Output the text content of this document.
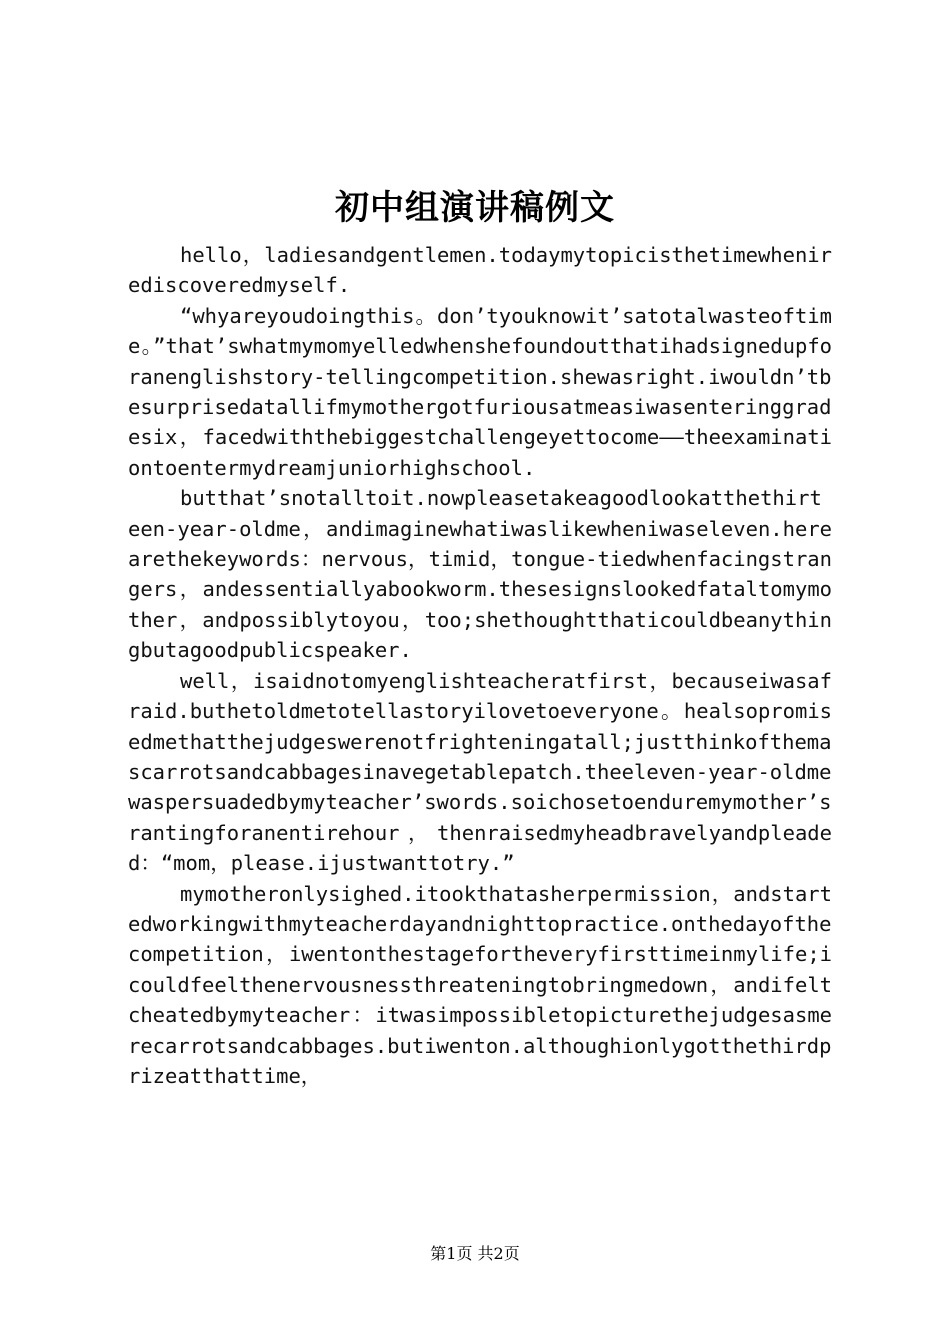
初中组演讲稿例文

hello，ladiesandgentlemen.todaymytopicisthetimewhenirediscoveredmyself.

“whyareyoudoingthis。don’tyouknowit’satotalwasteoftime。”that’swhatmymomyelledwhenshefoundoutthatihadsignedupforanenglishstory-tellingcompetition.shewasright.iwouldn’tbesurprisedatallifmymothergotfuriousatmeasiwasenteringgradesix，facedwiththebiggestchallengeyettocome——theexaminationtoentermydreamjuniorhighschool.

butthat’snotalltoit.nowpleasetakeagoodlookatthethirteen-year-oldme，andimaginewhatiwaslikewheniwaseleven.herearethekeywords：nervous，timid，tongue-tiedwhenfacingstrangers，andessentiallyabookworm.thesesignslookedfataltomymother，andpossiblytoyou，too;shethoughtthaticouldbeanythingbutagoodpublicspeaker.

well，isaidnotomyenglishteacheratfirst，becauseiwasafraid.buthetoldmetotellastoryilovetoeveryone。healsopromisedmethatthejudgeswerenotfrighteningatall;justthinkofthemascarrotsandcabbagesinavegetablepatch.theeleven-year-oldmewaspersuadedbymyteacher’swords.soichosetoenduremymother’srantingforanentirehour，thenraisedmyheadbravelyandpleaded：“mom，please.ijustwanttotry.”

mymotheronlysighed.itookthatasherpermission，andstartedworkingwithmyteacherdayandnighttopractice.onthedayofthecompetition，iwentonthestagefortheveryfirsttimeinmylife;icouldfeelthenervousnessthreateningtobringmedown，andifeltcheatedbymyteacher：itwasimpossibletopicturethejudgesasmerecarrotsandcabbages.butiwenton.althoughionlygotthethirdprizeatthattime，

第1页 共2页
